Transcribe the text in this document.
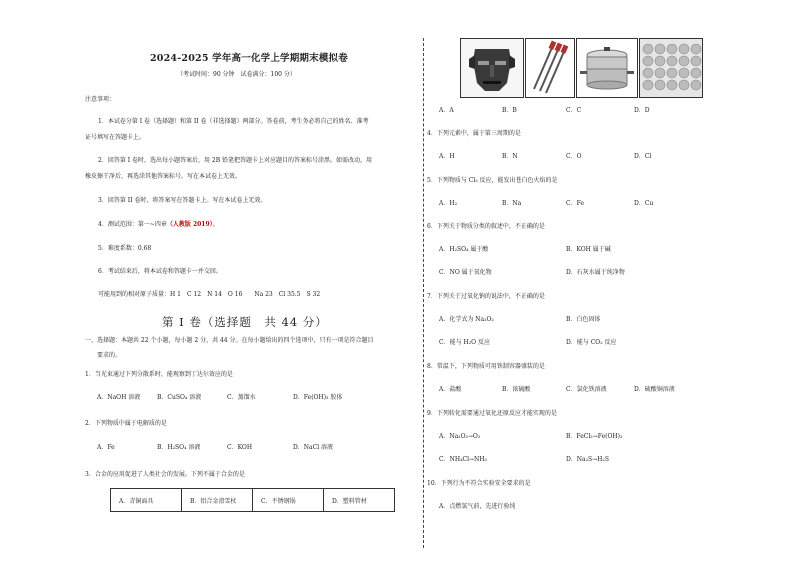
2024-2025 学年高一化学上学期期末模拟卷
（考试时间：90 分钟　试卷满分：100 分）
注意事项：
1．本试卷分第 I 卷（选择题）和第 II 卷（非选择题）两部分。答卷前，考生务必将自己的姓名、准考
证号填写在答题卡上。
2．回答第 I 卷时，选出每小题答案后，用 2B 铅笔把答题卡上对应题目的答案标号涂黑。如需改动，用
橡皮擦干净后，再选涂其他答案标号。写在本试卷上无效。
3．回答第 II 卷时，将答案写在答题卡上。写在本试卷上无效。
4．测试范围：第一~四章（人教版 2019）。
5．难度系数：0.68
6．考试结束后，将本试卷和答题卡一并交回。
可能用到的相对原子质量：H 1　C 12　N 14　O 16　　Na 23　Cl 35.5　S 32
第 I 卷（选择题　共 44 分）
一、选择题：本题共 22 个小题，每小题 2 分，共 44 分。在每小题给出的四个选项中，只有一项是符合题目
要求的。
1．当光束通过下列分散系时，能观察到丁达尔效应的是
A．NaOH 溶液	B．CuSO₄ 溶液	C．蒸馏水	D．Fe(OH)₃ 胶体
2．下列物质中属于电解质的是
A．Fe	B．H₂SO₄ 溶液	C．KOH	D．NaCl 溶液
3．合金的应用促进了人类社会的发展。下列不属于合金的是
A．青铜面具	B．铝合金滑雪杖	C．不锈钢锅	D．塑料管材
A．A	B．B	C．C	D．D
4．下列元素中，属于第三周期的是
A．H	B．N	C．O	D．Cl
5．下列物质与 Cl₂ 反应，能发出苍白色火焰的是
A．H₂	B．Na	C．Fe	D．Cu
6．下列关于物质分类的叙述中，不正确的是
A．H₂SO₄ 属于酸	B．KOH 属于碱
C．NO 属于氧化物	D．石灰水属于纯净物
7．下列关于过氧化钠的说法中，不正确的是
A．化学式为 Na₂O₂	B．白色固体
C．能与 H₂O 反应	D．能与 CO₂ 反应
8．常温下，下列物质可用铁制容器盛装的是
A．盐酸	B．浓硫酸	C．氯化铁溶液	D．硫酸铜溶液
9．下列转化需要通过氧化还原反应才能实现的是
A．Na₂O₂→O₂	B．FeCl₂→Fe(OH)₂
C．NH₄Cl→NH₃	D．Na₂S→H₂S
10．下列行为不符合实验安全要求的是
A．点燃氢气前，先进行验纯
